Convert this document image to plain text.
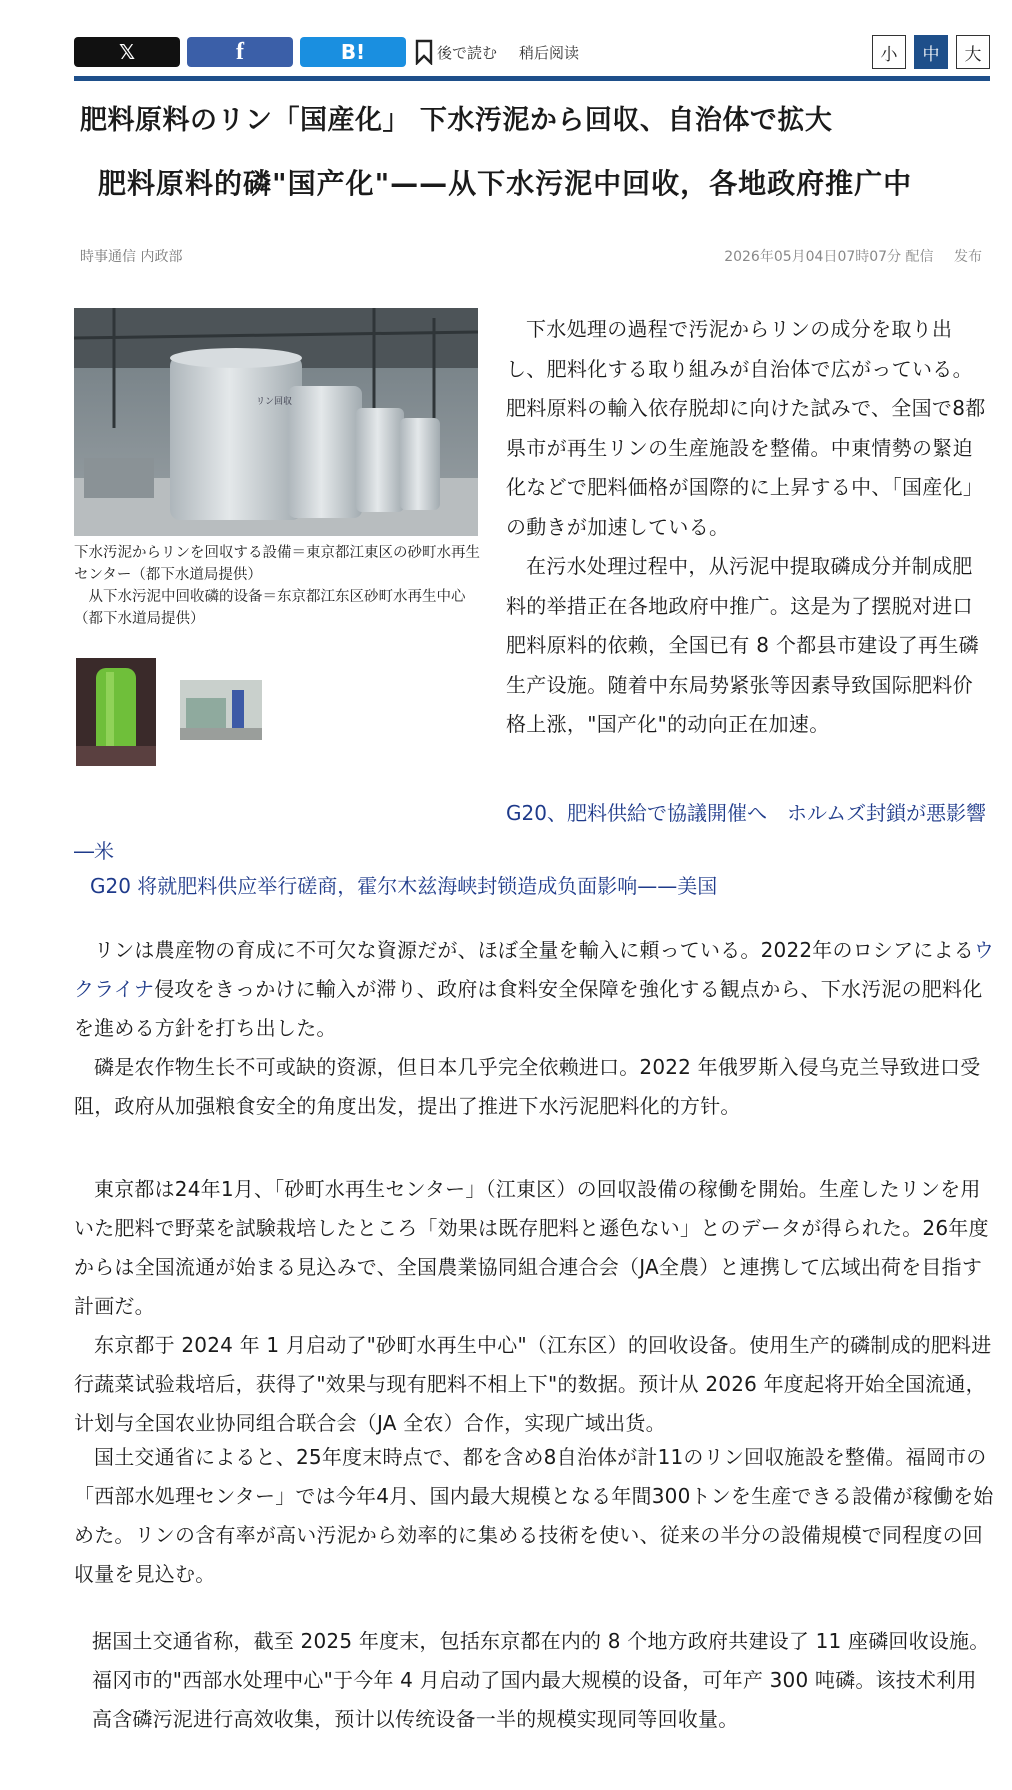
𝕏	f	B!	後で読む 稍后阅读	小	中	大
肥料原料のリン「国産化」 下水汚泥から回収、自治体で拡大
肥料原料的磷"国产化"——从下水污泥中回收，各地政府推广中
時事通信 内政部	2026年05月04日07時07分 配信 发布
リン回収

下水汚泥からリンを回収する設備＝東京都江東区の砂町水再生センター（都下水道局提供）

从下水污泥中回收磷的设备＝东京都江东区砂町水再生中心（都下水道局提供）

下水処理の過程で汚泥からリンの成分を取り出し、肥料化する取り組みが自治体で広がっている。肥料原料の輸入依存脱却に向けた試みで、全国で8都県市が再生リンの生産施設を整備。中東情勢の緊迫化などで肥料価格が国際的に上昇する中、「国産化」の動きが加速している。

在污水处理过程中，从污泥中提取磷成分并制成肥料的举措正在各地政府中推广。这是为了摆脱对进口肥料原料的依赖，全国已有 8 个都县市建设了再生磷生产设施。随着中东局势紧张等因素导致国际肥料价格上涨，"国产化"的动向正在加速。

G20、肥料供給で協議開催へ　ホルムズ封鎖が悪影響―米
G20 将就肥料供应举行磋商，霍尔木兹海峡封锁造成负面影响——美国

リンは農産物の育成に不可欠な資源だが、ほぼ全量を輸入に頼っている。2022年のロシアによるウクライナ侵攻をきっかけに輸入が滞り、政府は食料安全保障を強化する観点から、下水汚泥の肥料化を進める方針を打ち出した。

磷是农作物生长不可或缺的资源，但日本几乎完全依赖进口。2022 年俄罗斯入侵乌克兰导致进口受阻，政府从加强粮食安全的角度出发，提出了推进下水污泥肥料化的方针。

東京都は24年1月、「砂町水再生センター」（江東区）の回収設備の稼働を開始。生産したリンを用いた肥料で野菜を試験栽培したところ「効果は既存肥料と遜色ない」とのデータが得られた。26年度からは全国流通が始まる見込みで、全国農業協同組合連合会（JA全農）と連携して広域出荷を目指す計画だ。

东京都于 2024 年 1 月启动了"砂町水再生中心"（江东区）的回收设备。使用生产的磷制成的肥料进行蔬菜试验栽培后，获得了"效果与现有肥料不相上下"的数据。预计从 2026 年度起将开始全国流通，计划与全国农业协同组合联合会（JA 全农）合作，实现广域出货。

国土交通省によると、25年度末時点で、都を含め8自治体が計11のリン回収施設を整備。福岡市の「西部水処理センター」では今年4月、国内最大規模となる年間300トンを生産できる設備が稼働を始めた。リンの含有率が高い汚泥から効率的に集める技術を使い、従来の半分の設備規模で同程度の回収量を見込む。

据国土交通省称，截至 2025 年度末，包括东京都在内的 8 个地方政府共建设了 11 座磷回收设施。福冈市的"西部水处理中心"于今年 4 月启动了国内最大规模的设备，可年产 300 吨磷。该技术利用高含磷污泥进行高效收集，预计以传统设备一半的规模实现同等回收量。
